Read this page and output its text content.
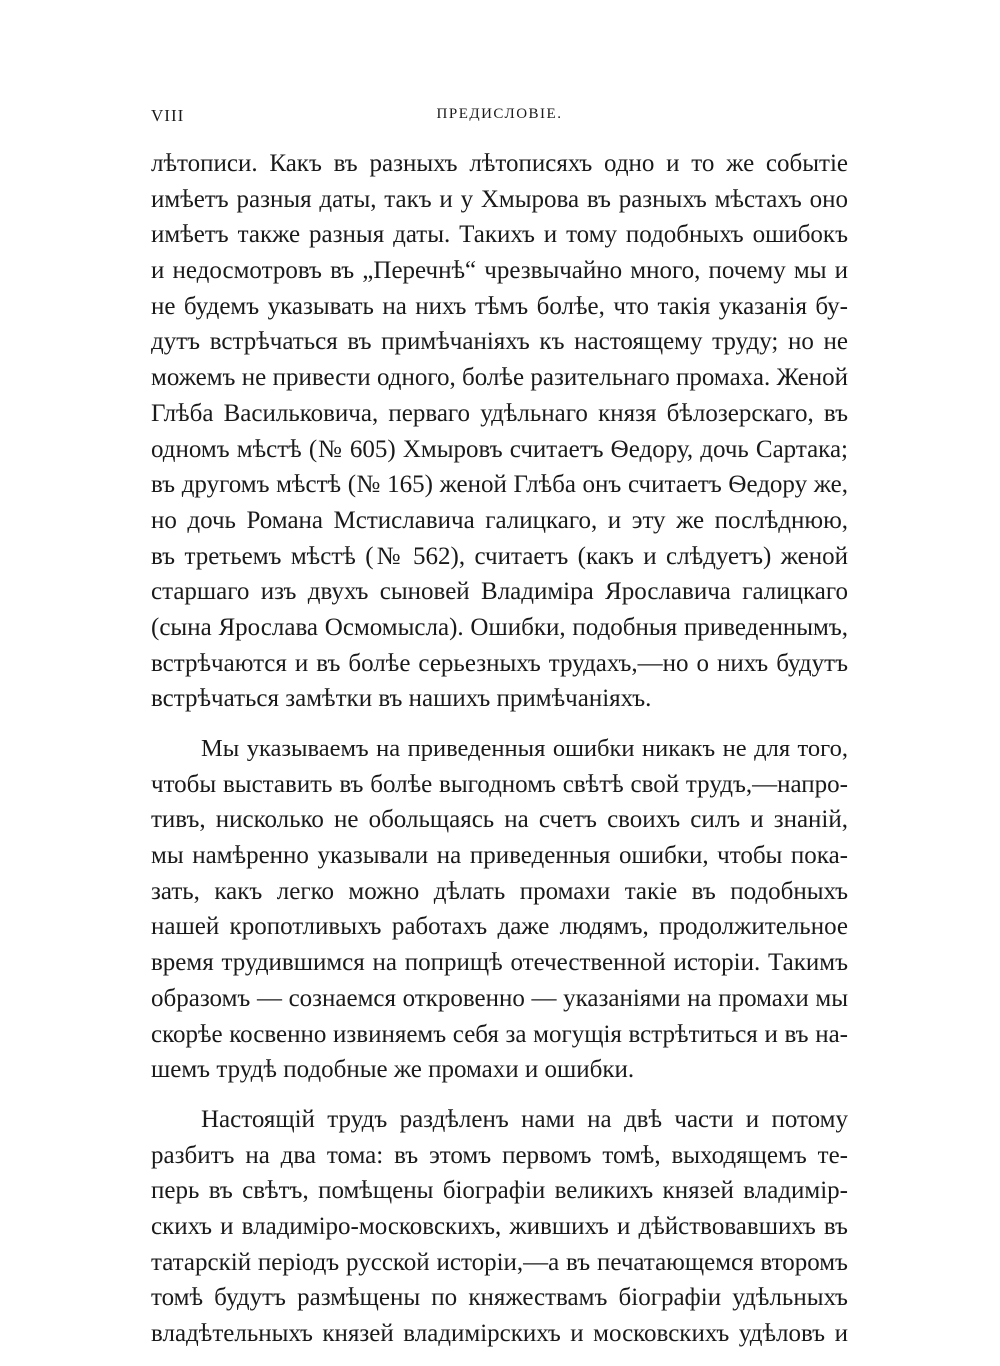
VIII	ПРЕДИСЛОВІЕ.
лѣтописи. Какъ въ разныхъ лѣтописяхъ одно и то же событіе
имѣетъ разныя даты, такъ и у Хмырова въ разныхъ мѣстахъ оно
имѣетъ также разныя даты. Такихъ и тому подобныхъ ошибокъ
и недосмотровъ въ „Перечнѣ“ чрезвычайно много, почему мы и
не будемъ указывать на нихъ тѣмъ болѣе, что такія указанія бу-
дутъ встрѣчаться въ примѣчаніяхъ къ настоящему труду; но не
можемъ не привести одного, болѣе разительнаго промаха. Женой
Глѣба Васильковича, перваго удѣльнаго князя бѣлозерскаго, въ
одномъ мѣстѣ (№ 605) Хмыровъ считаетъ Ѳедору, дочь Сартака;
въ другомъ мѣстѣ (№ 165) женой Глѣба онъ считаетъ Ѳедору же,
но дочь Романа Мстиславича галицкаго, и эту же послѣднюю,
въ третьемъ мѣстѣ (№ 562), считаетъ (какъ и слѣдуетъ) женой
старшаго изъ двухъ сыновей Владиміра Ярославича галицкаго
(сына Ярослава Осмомысла). Ошибки, подобныя приведеннымъ,
встрѣчаются и въ болѣе серьезныхъ трудахъ,—но о нихъ будутъ
встрѣчаться замѣтки въ нашихъ примѣчаніяхъ.
Мы указываемъ на приведенныя ошибки никакъ не для того,
чтобы выставить въ болѣе выгодномъ свѣтѣ свой трудъ,—напро-
тивъ, нисколько не обольщаясь на счетъ своихъ силъ и знаній,
мы намѣренно указывали на приведенныя ошибки, чтобы пока-
зать, какъ легко можно дѣлать промахи такіе въ подобныхъ
нашей кропотливыхъ работахъ даже людямъ, продолжительное
время трудившимся на поприщѣ отечественной исторіи. Такимъ
образомъ — сознаемся откровенно — указаніями на промахи мы
скорѣе косвенно извиняемъ себя за могущія встрѣтиться и въ на-
шемъ трудѣ подобные же промахи и ошибки.
Настоящій трудъ раздѣленъ нами на двѣ части и потому
разбитъ на два тома: въ этомъ первомъ томѣ, выходящемъ те-
перь въ свѣтъ, помѣщены біографіи великихъ князей владимір-
скихъ и владиміро-московскихъ, жившихъ и дѣйствовавшихъ въ
татарскій періодъ русской исторіи,—а въ печатающемся второмъ
томѣ будутъ размѣщены по княжествамъ біографіи удѣльныхъ
владѣтельныхъ князей владимірскихъ и московскихъ удѣловъ и
